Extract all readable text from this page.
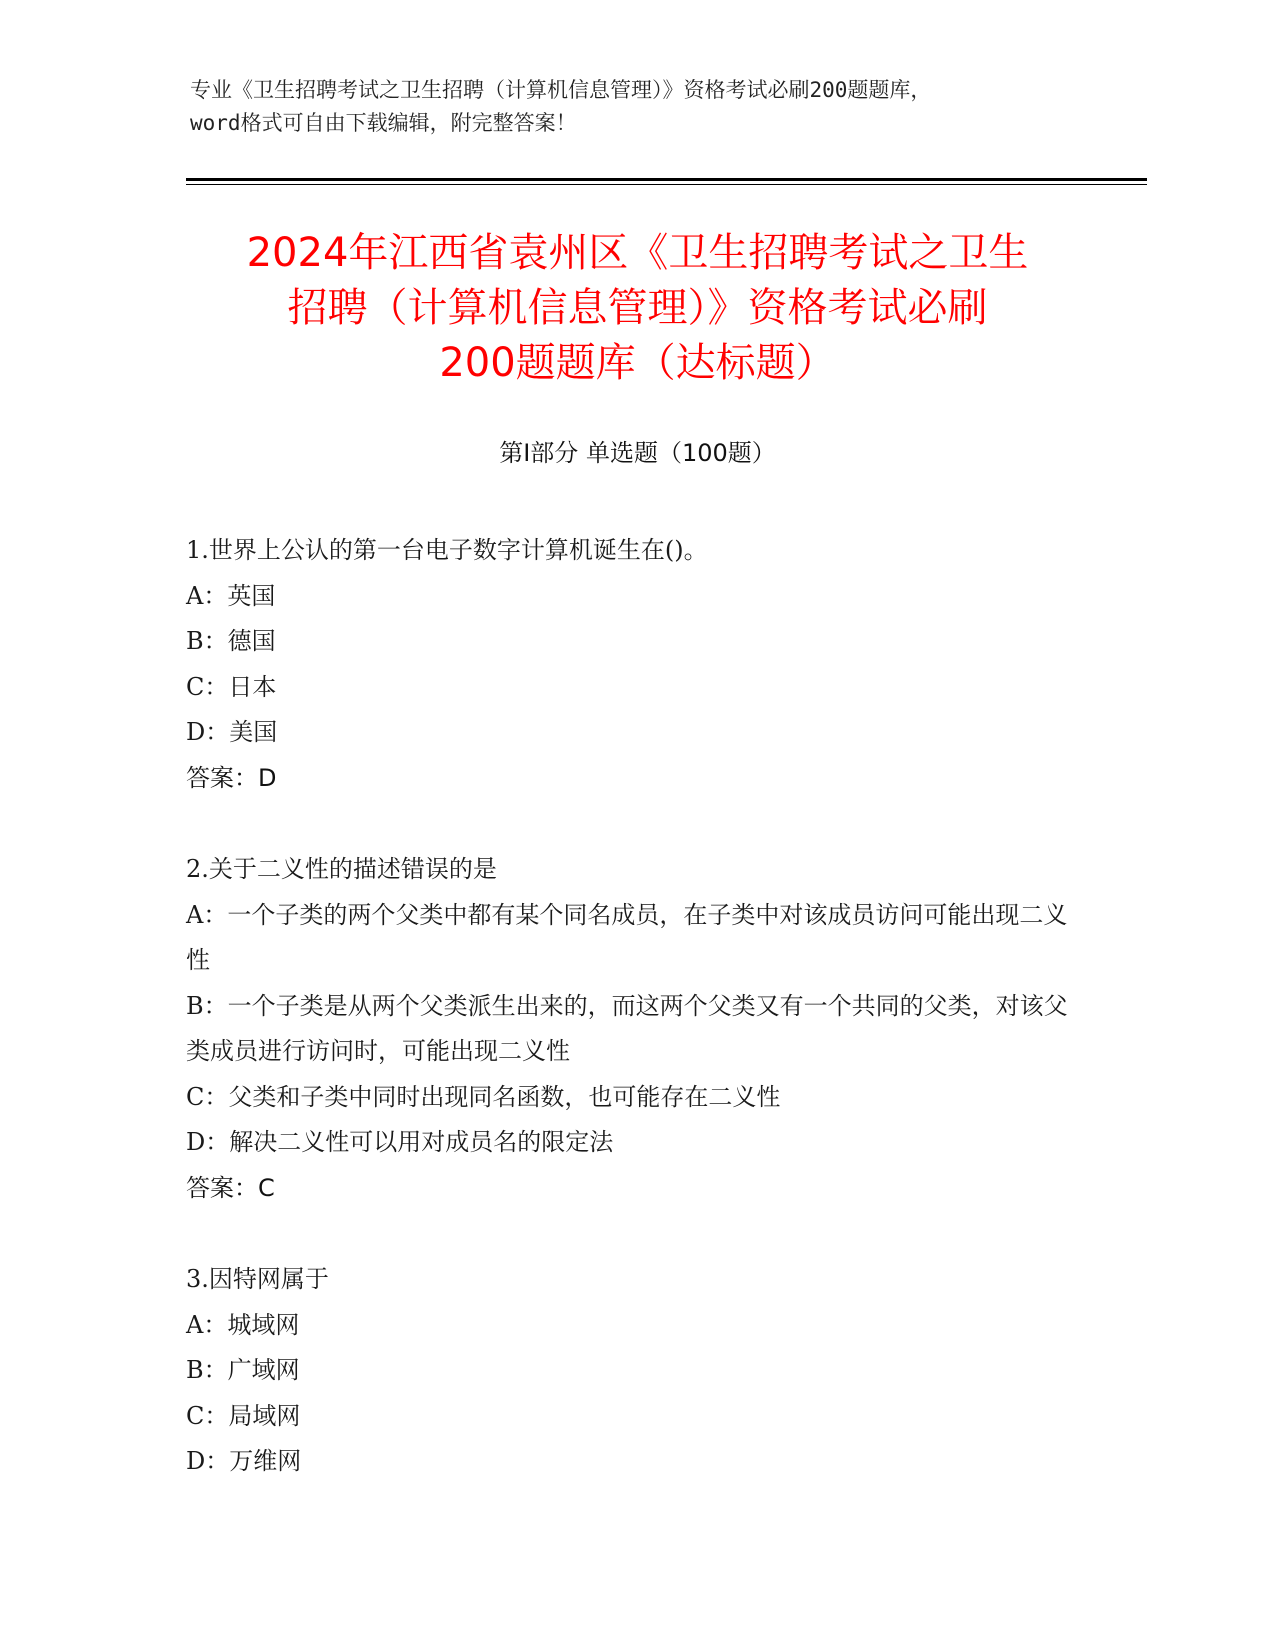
专业《卫生招聘考试之卫生招聘（计算机信息管理）》资格考试必刷200题题库，
word格式可自由下载编辑，附完整答案！
2024年江西省袁州区《卫生招聘考试之卫生
招聘（计算机信息管理）》资格考试必刷
200题题库（达标题）
第I部分 单选题（100题）
1.世界上公认的第一台电子数字计算机诞生在()。
A：英国
B：德国
C：日本
D：美国
答案：D
2.关于二义性的描述错误的是
A：一个子类的两个父类中都有某个同名成员，在子类中对该成员访问可能出现二义性
B：一个子类是从两个父类派生出来的，而这两个父类又有一个共同的父类，对该父类成员进行访问时，可能出现二义性
C：父类和子类中同时出现同名函数，也可能存在二义性
D：解决二义性可以用对成员名的限定法
答案：C
3.因特网属于
A：城域网
B：广域网
C：局域网
D：万维网
